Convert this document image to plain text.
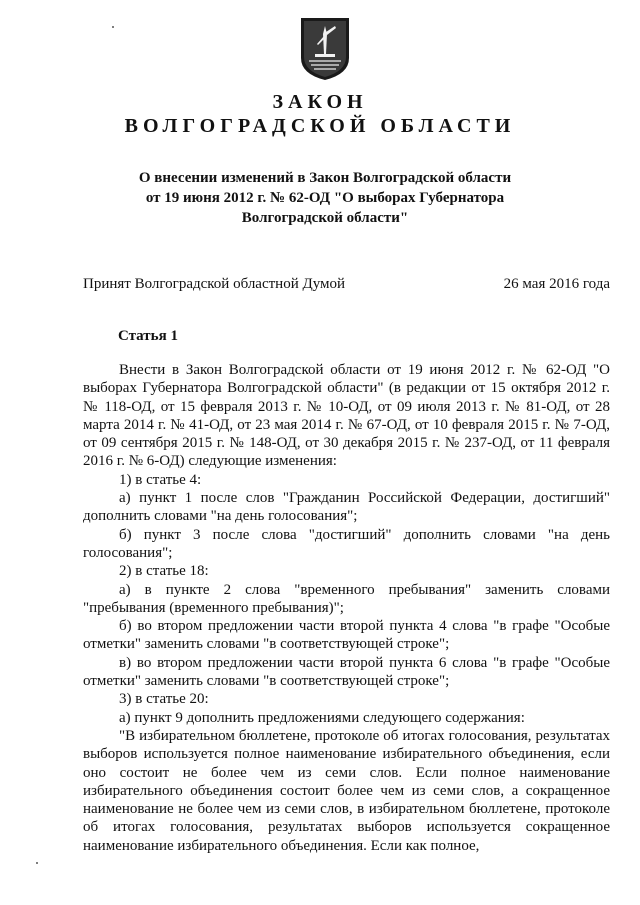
ЗАКОН
ВОЛГОГРАДСКОЙ ОБЛАСТИ
О внесении изменений в Закон Волгоградской области
от 19 июня 2012 г. № 62-ОД "О выборах Губернатора
Волгоградской области"
Принят Волгоградской областной Думой	26 мая 2016 года
Статья 1

Внести в Закон Волгоградской области от 19 июня 2012 г. № 62-ОД "О выборах Губернатора Волгоградской области" (в редакции от 15 октября 2012 г. № 118-ОД, от 15 февраля 2013 г. № 10-ОД, от 09 июля 2013 г. № 81-ОД, от 28 марта 2014 г. № 41-ОД, от 23 мая 2014 г. № 67-ОД, от 10 февраля 2015 г. № 7-ОД, от 09 сентября 2015 г. № 148-ОД, от 30 декабря 2015 г. № 237-ОД, от 11 февраля 2016 г. № 6-ОД) следующие изменения:

1) в статье 4:

а) пункт 1 после слов "Гражданин Российской Федерации, достигший" дополнить словами "на день голосования";

б) пункт 3 после слова "достигший" дополнить словами "на день голосования";

2) в статье 18:

а) в пункте 2 слова "временного пребывания" заменить словами "пребывания (временного пребывания)";

б) во втором предложении части второй пункта 4 слова "в графе "Особые отметки" заменить словами "в соответствующей строке";

в) во втором предложении части второй пункта 6 слова "в графе "Особые отметки" заменить словами "в соответствующей строке";

3) в статье 20:

а) пункт 9 дополнить предложениями следующего содержания:

"В избирательном бюллетене, протоколе об итогах голосования, результатах выборов используется полное наименование избирательного объединения, если оно состоит не более чем из семи слов. Если полное наименование избирательного объединения состоит более чем из семи слов, а сокращенное наименование не более чем из семи слов, в избирательном бюллетене, протоколе об итогах голосования, результатах выборов используется сокращенное наименование избирательного объединения. Если как полное,
